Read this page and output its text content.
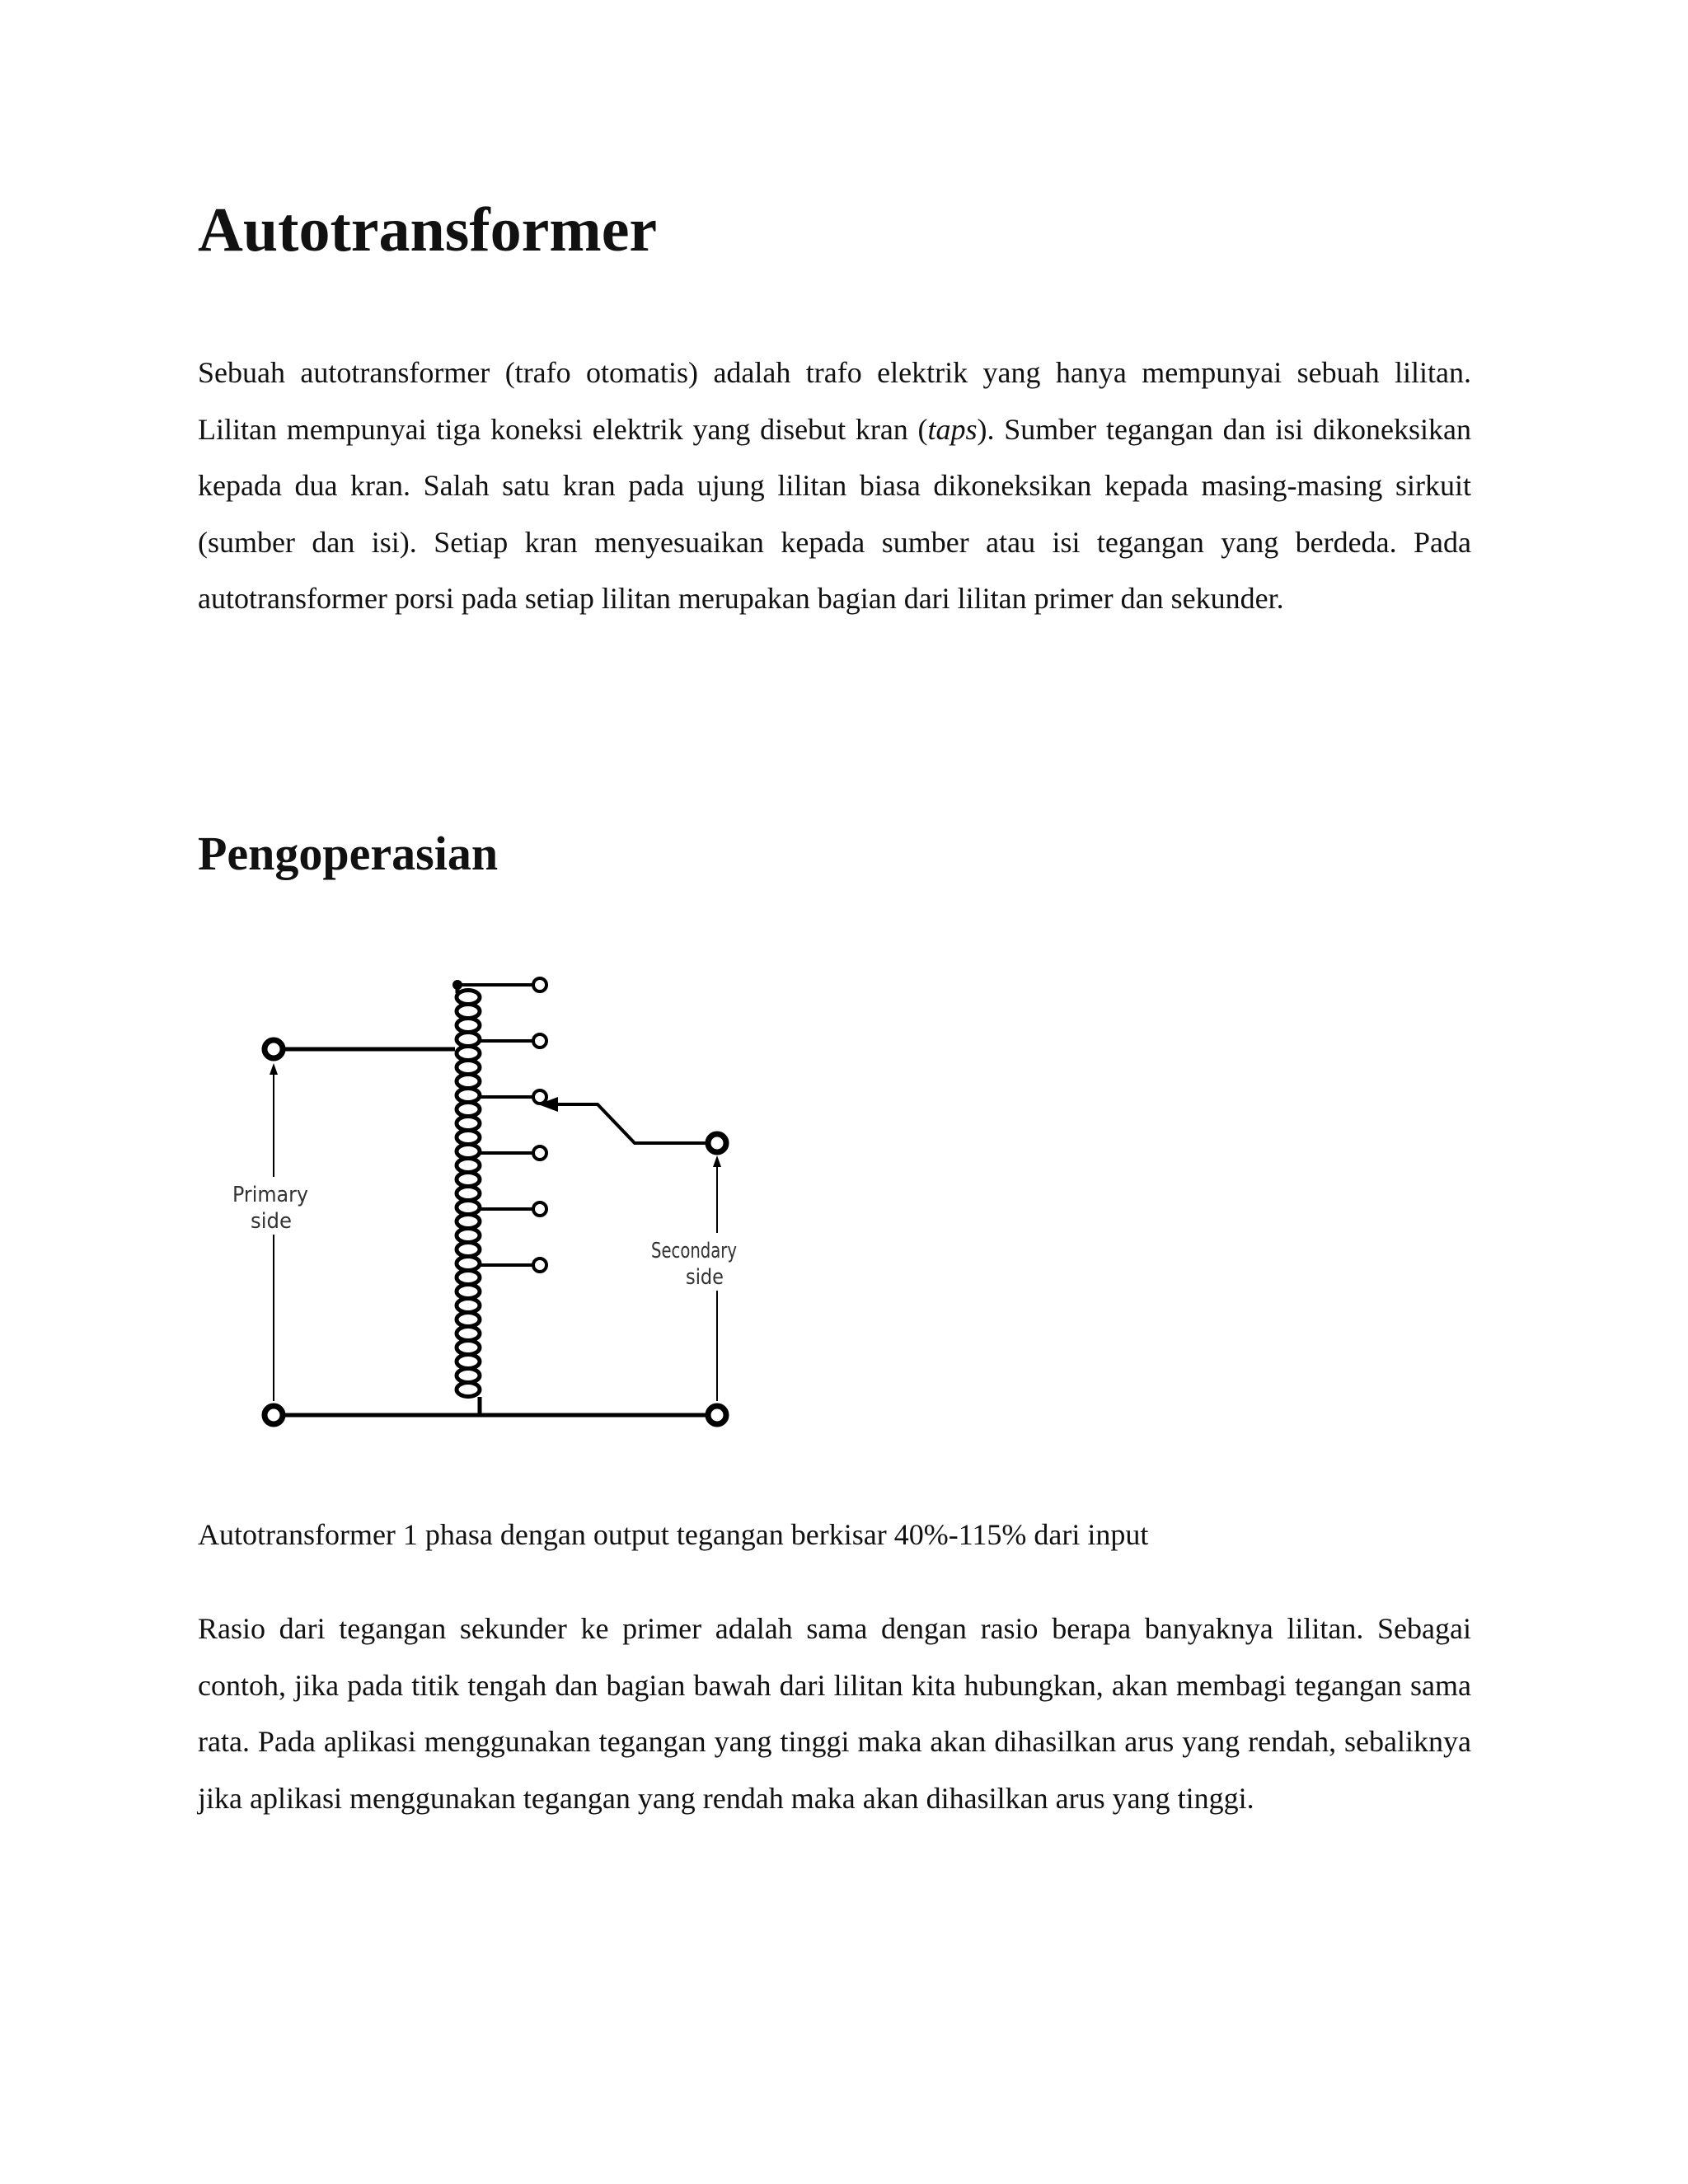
Autotransformer

Sebuah autotransformer (trafo otomatis) adalah trafo elektrik yang hanya mempunyai sebuah lilitan. Lilitan mempunyai tiga koneksi elektrik yang disebut kran (taps). Sumber tegangan dan isi dikoneksikan kepada dua kran. Salah satu kran pada ujung lilitan biasa dikoneksikan kepada masing-masing sirkuit (sumber dan isi). Setiap kran menyesuaikan kepada sumber atau isi tegangan yang berdeda. Pada autotransformer porsi pada setiap lilitan merupakan bagian dari lilitan primer dan sekunder.

Pengoperasian
Primary
side
Secondary
side

Autotransformer 1 phasa dengan output tegangan berkisar 40%-115% dari input

Rasio dari tegangan sekunder ke primer adalah sama dengan rasio berapa banyaknya lilitan. Sebagai contoh, jika pada titik tengah dan bagian bawah dari lilitan kita hubungkan, akan membagi tegangan sama rata. Pada aplikasi menggunakan tegangan yang tinggi maka akan dihasilkan arus yang rendah, sebaliknya jika aplikasi menggunakan tegangan yang rendah maka akan dihasilkan arus yang tinggi.
